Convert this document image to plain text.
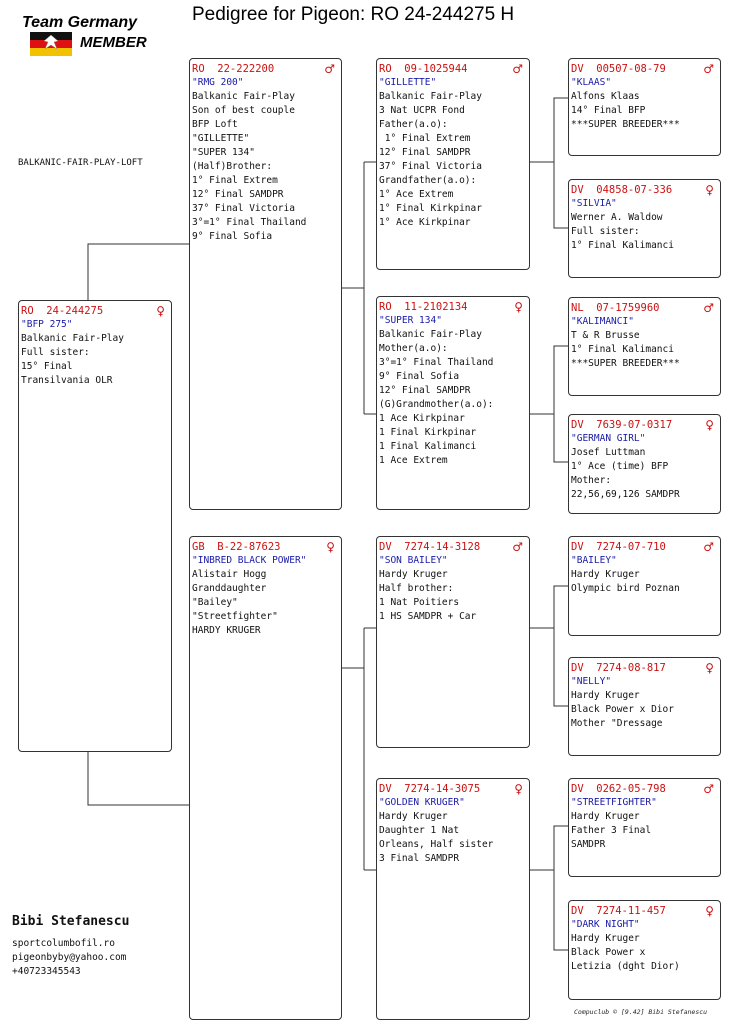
Team Germany
MEMBER
Pedigree for Pigeon: RO 24-244275 H
BALKANIC-FAIR-PLAY-LOFT
RO  24-244275	♀
"BFP 275"
Balkanic Fair-Play
Full sister:
15° Final
Transilvania OLR
RO  22-222200	♂
"RMG 200"
Balkanic Fair-Play
Son of best couple
BFP Loft
"GILLETTE"
"SUPER 134"
(Half)Brother:
1° Final Extrem
12° Final SAMDPR
37° Final Victoria
3°=1° Final Thailand
9° Final Sofia
GB  B-22-87623	♀
"INBRED BLACK POWER"
Alistair Hogg
Granddaughter
"Bailey"
"Streetfighter"
HARDY KRUGER
RO  09-1025944	♂
"GILLETTE"
Balkanic Fair-Play
3 Nat UCPR Fond
Father(a.o):
1° Final Extrem
12° Final SAMDPR
37° Final Victoria
Grandfather(a.o):
1° Ace Extrem
1° Final Kirkpinar
1° Ace Kirkpinar
RO  11-2102134	♀
"SUPER 134"
Balkanic Fair-Play
Mother(a.o):
3°=1° Final Thailand
9° Final Sofia
12° Final SAMDPR
(G)Grandmother(a.o):
1 Ace Kirkpinar
1 Final Kirkpinar
1 Final Kalimanci
1 Ace Extrem
DV  7274-14-3128	♂
"SON BAILEY"
Hardy Kruger
Half brother:
1 Nat Poitiers
1 HS SAMDPR + Car
DV  7274-14-3075	♀
"GOLDEN KRUGER"
Hardy Kruger
Daughter 1 Nat
Orleans, Half sister
3 Final SAMDPR
DV  00507-08-79	♂
"KLAAS"
Alfons Klaas
14° Final BFP
***SUPER BREEDER***
DV  04858-07-336	♀
"SILVIA"
Werner A. Waldow
Full sister:
1° Final Kalimanci
NL  07-1759960	♂
"KALIMANCI"
T & R Brusse
1° Final Kalimanci
***SUPER BREEDER***
DV  7639-07-0317	♀
"GERMAN GIRL"
Josef Luttman
1° Ace (time) BFP
Mother:
22,56,69,126 SAMDPR
DV  7274-07-710	♂
"BAILEY"
Hardy Kruger
Olympic bird Poznan
DV  7274-08-817	♀
"NELLY"
Hardy Kruger
Black Power x Dior
Mother "Dressage
DV  0262-05-798	♂
"STREETFIGHTER"
Hardy Kruger
Father 3 Final
SAMDPR
DV  7274-11-457	♀
"DARK NIGHT"
Hardy Kruger
Black Power x
Letizia (dght Dior)
Bibi Stefanescu
sportcolumbofil.ro
pigeonbyby@yahoo.com
+40723345543
Compuclub © [9.42] Bibi Stefanescu
